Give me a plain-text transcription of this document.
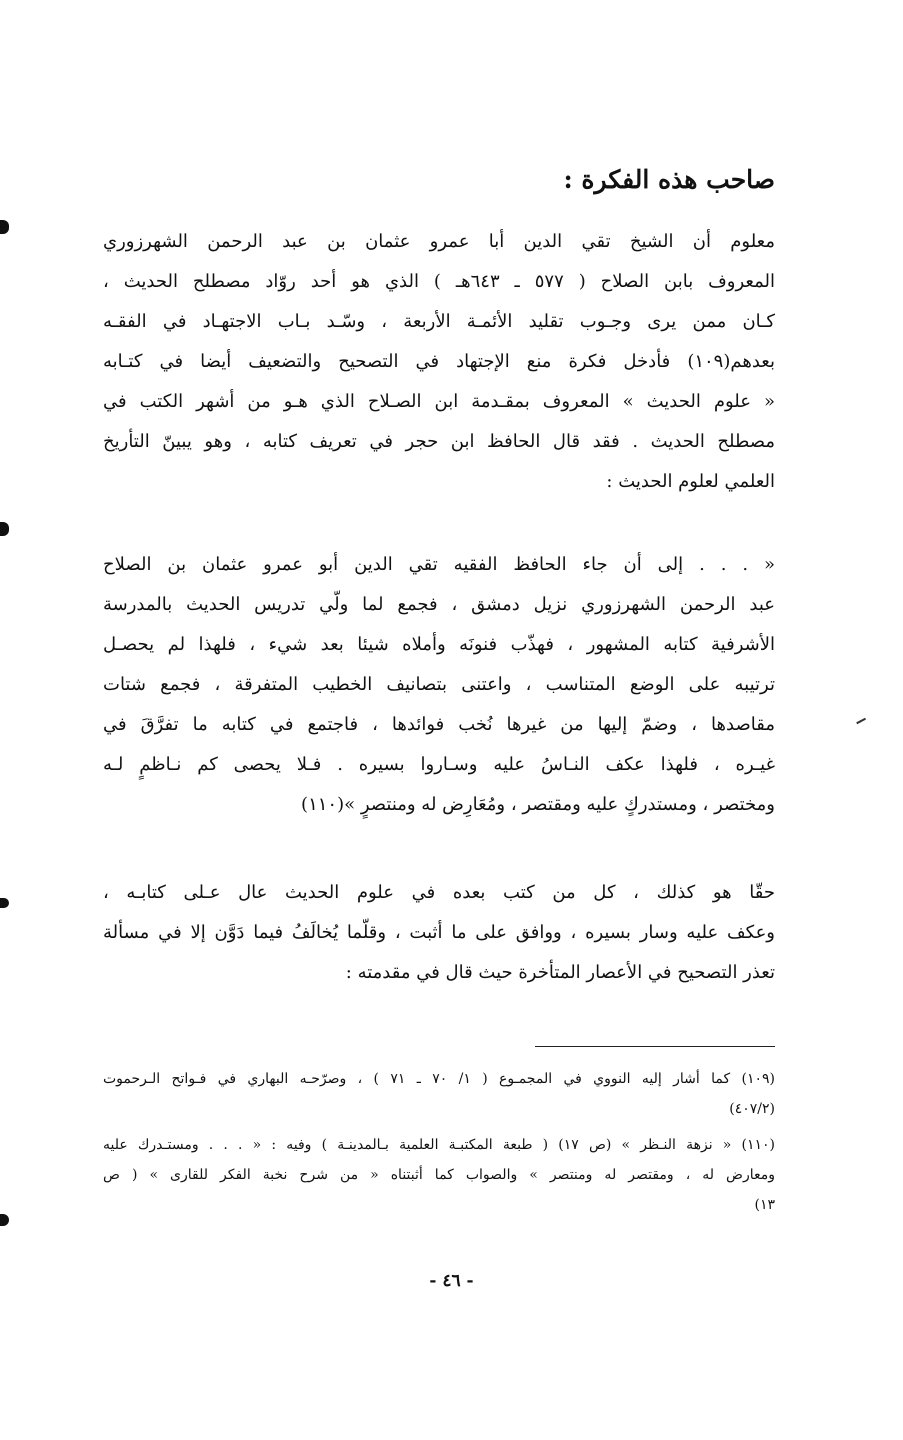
صاحب هذه الفكرة :
معلوم أن الشيخ تقي الدين أبا عمرو عثمان بن عبد الرحمن الشهرزوري
المعروف بابن الصلاح ( ٥٧٧ ـ ٦٤٣هـ ) الذي هو أحد روّاد مصطلح الحديث ،
كـان ممن يرى وجـوب تقليد الأئمـة الأربعة ، وسّـد بـاب الاجتهـاد في الفقـه
بعدهم(١٠٩) فأدخل فكرة منع الإجتهاد في التصحيح والتضعيف أيضا في كتـابه
« علوم الحديث » المعروف بمقـدمة ابن الصـلاح الذي هـو من أشهر الكتب في
مصطلح الحديث . فقد قال الحافظ ابن حجر في تعريف كتابه ، وهو يبينّ التأريخ
العلمي لعلوم الحديث :
« . . . إلى أن جاء الحافظ الفقيه تقي الدين أبو عمرو عثمان بن الصلاح
عبد الرحمن الشهرزوري نزيل دمشق ، فجمع لما ولّي تدريس الحديث بالمدرسة
الأشرفية كتابه المشهور ، فهذّب فنونَه وأملاه شيئا بعد شيء ، فلهذا لم يحصـل
ترتيبه على الوضع المتناسب ، واعتنى بتصانيف الخطيب المتفرقة ، فجمع شتات
مقاصدها ، وضمّ إليها من غيرها نُخب فوائدها ، فاجتمع في كتابه ما تفرَّقَ في
غيـره ، فلهذا عكف النـاسُ عليه وسـاروا بسيره . فـلا يحصى كم نـاظمٍ لـه
ومختصر ، ومستدركٍ عليه ومقتصر ، ومُعَارِض له ومنتصرٍ »(١١٠)
حقّا هو كذلك ، كل من كتب بعده في علوم الحديث عال عـلى كتابـه ،
وعكف عليه وسار بسيره ، ووافق على ما أثبت ، وقلّما يُخالَفُ فيما دَوَّن إلا في مسألة
تعذر التصحيح في الأعصار المتأخرة حيث قال في مقدمته :
(١٠٩) كما أشار إليه النووي في المجمـوع ( ١/ ٧٠ ـ ٧١ ) ، وصرّحـه البهاري في فـواتح الـرحموت
(٤٠٧/٢)
(١١٠) « نزهة النـظر » (ص ١٧) ( طبعة المكتبـة العلمية بـالمدينـة ) وفيه : « . . . ومستـدرك عليه
ومعارض له ، ومقتصر له ومنتصر » والصواب كما أثبتناه « من شرح نخبة الفكر للقارى » ( ص
١٣)
- ٤٦ -
